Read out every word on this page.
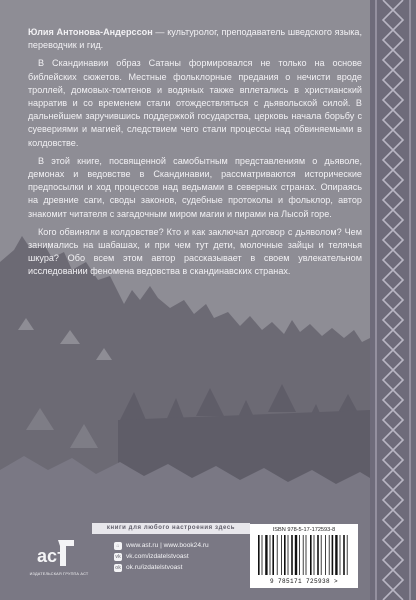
Юлия Антонова-Андерссон — культуролог, преподаватель шведского языка, переводчик и гид.

В Скандинавии образ Сатаны формировался не только на основе библейских сюжетов. Местные фольклорные предания о нечисти вроде троллей, домовых-томтенов и водяных также вплетались в христианский нарратив и со временем стали отождествляться с дьявольской силой. В дальнейшем заручившись поддержкой государства, церковь начала борьбу с суевериями и магией, следствием чего стали процессы над обвиняемыми в колдовстве.

В этой книге, посвященной самобытным представлениям о дьяволе, демонах и ведовстве в Скандинавии, рассматриваются исторические предпосылки и ход процессов над ведьмами в северных странах. Опираясь на древние саги, своды законов, судебные протоколы и фольклор, автор знакомит читателя с загадочным миром магии и пирами на Лысой горе.

Кого обвиняли в колдовстве? Кто и как заключал договор с дьяволом? Чем занимались на шабашах, и при чем тут дети, молочные зайцы и телячья шкура? Обо всем этом автор рассказывает в своем увлекательном исследовании феномена ведовства в скандинавских странах.

книги для любого настроения здесь
аст
ИЗДАТЕЛЬСКАЯ ГРУППА АСТ
⌂ www.ast.ru | www.book24.ru
vk vk.com/izdatelstvoast
ok ok.ru/izdatelstvoast
ISBN 978-5-17-172593-8
9 785171 725938 >
